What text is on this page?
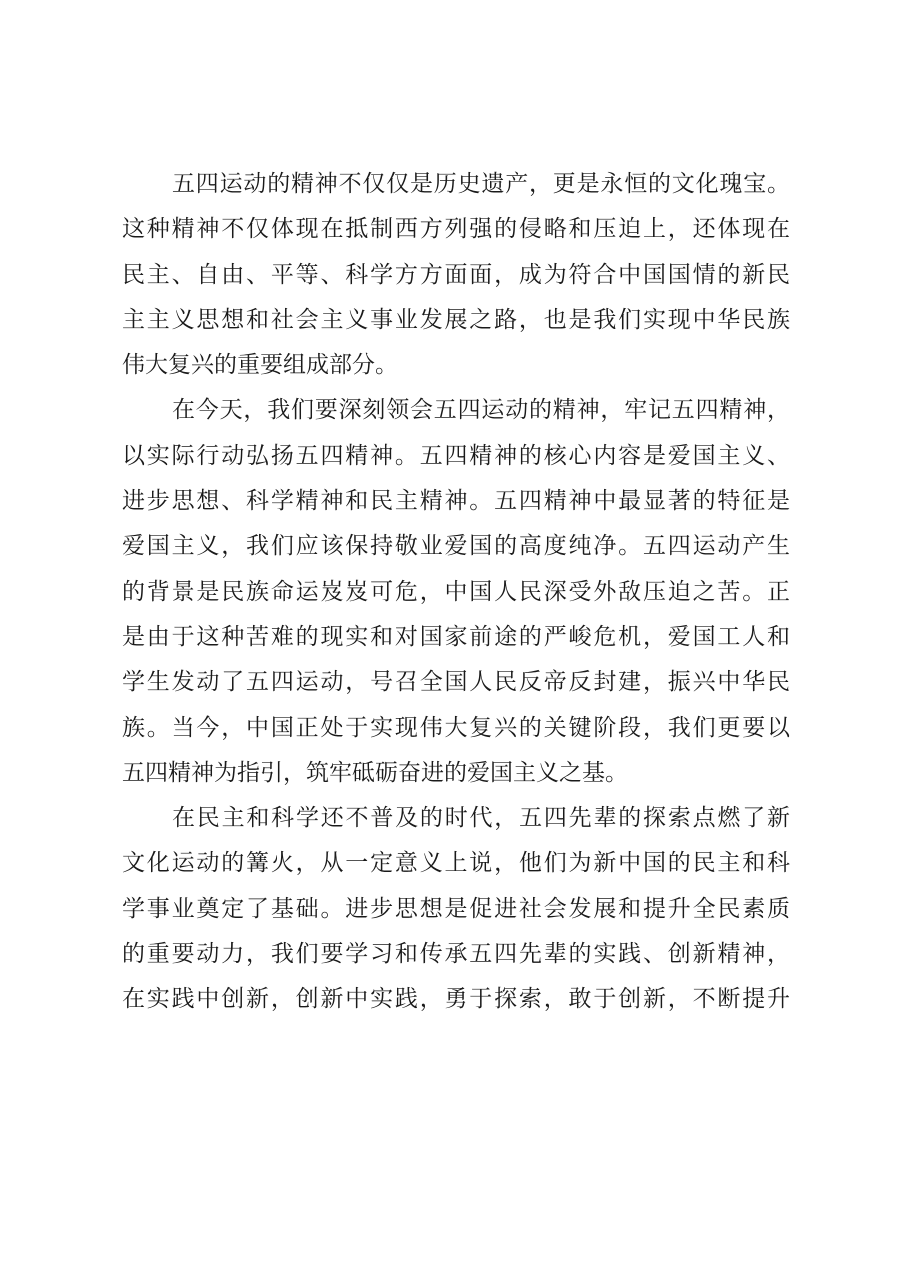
五四运动的精神不仅仅是历史遗产，更是永恒的文化瑰宝。
这种精神不仅体现在抵制西方列强的侵略和压迫上，还体现在
民主、自由、平等、科学方方面面，成为符合中国国情的新民
主主义思想和社会主义事业发展之路，也是我们实现中华民族
伟大复兴的重要组成部分。
在今天，我们要深刻领会五四运动的精神，牢记五四精神，
以实际行动弘扬五四精神。五四精神的核心内容是爱国主义、
进步思想、科学精神和民主精神。五四精神中最显著的特征是
爱国主义，我们应该保持敬业爱国的高度纯净。五四运动产生
的背景是民族命运岌岌可危，中国人民深受外敌压迫之苦。正
是由于这种苦难的现实和对国家前途的严峻危机，爱国工人和
学生发动了五四运动，号召全国人民反帝反封建，振兴中华民
族。当今，中国正处于实现伟大复兴的关键阶段，我们更要以
五四精神为指引，筑牢砥砺奋进的爱国主义之基。
在民主和科学还不普及的时代，五四先辈的探索点燃了新
文化运动的篝火，从一定意义上说，他们为新中国的民主和科
学事业奠定了基础。进步思想是促进社会发展和提升全民素质
的重要动力，我们要学习和传承五四先辈的实践、创新精神，
在实践中创新，创新中实践，勇于探索，敢于创新，不断提升
